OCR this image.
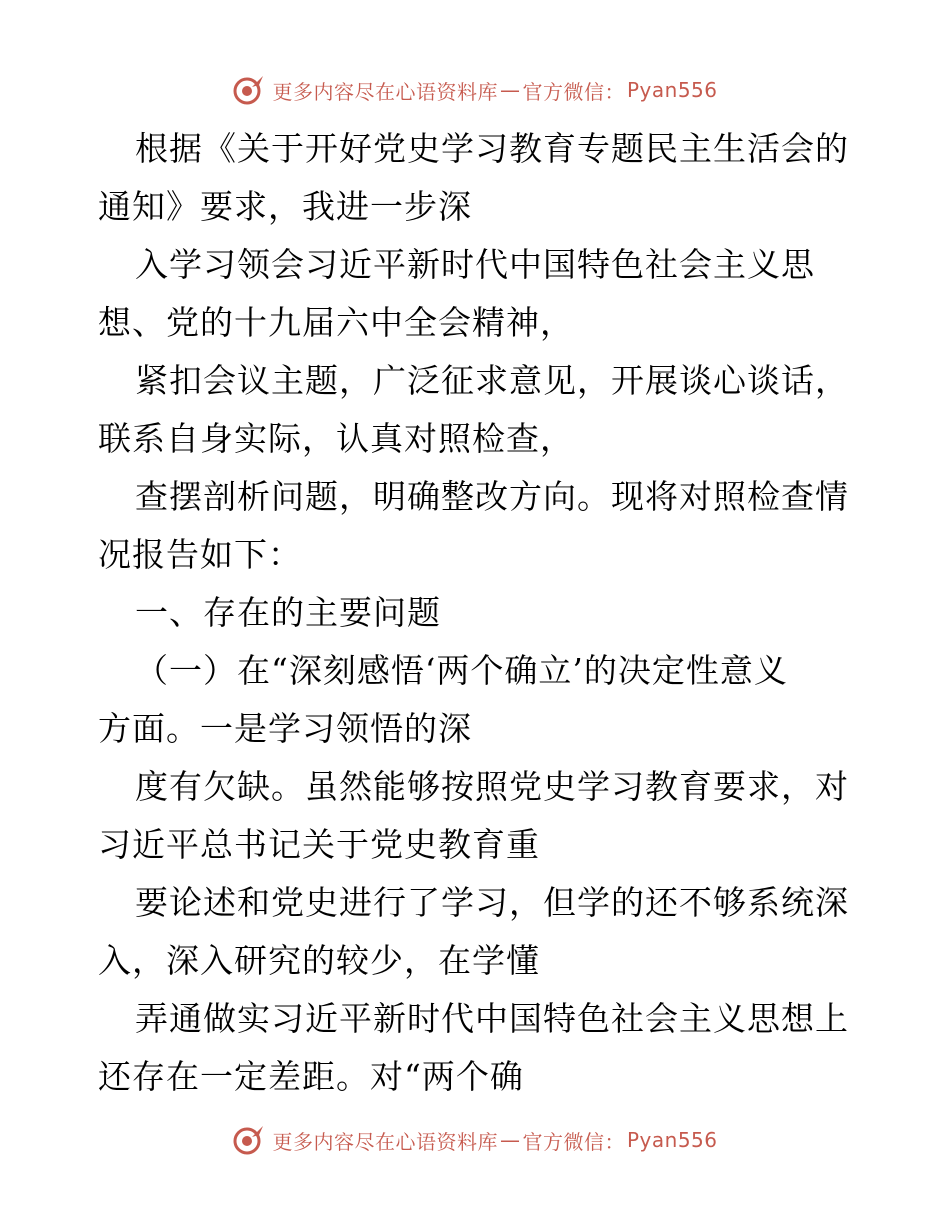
更多内容尽在心语资料库 — 官方微信： Pyan556
根据《关于开好党史学习教育专题民主生活会的
通知》要求，我进一步深
入学习领会习近平新时代中国特色社会主义思
想、党的十九届六中全会精神，
紧扣会议主题，广泛征求意见，开展谈心谈话，
联系自身实际，认真对照检查，
查摆剖析问题，明确整改方向。现将对照检查情
况报告如下：
一、存在的主要问题
（一）在“深刻感悟‘两个确立’的决定性意义
方面。一是学习领悟的深
度有欠缺。虽然能够按照党史学习教育要求，对
习近平总书记关于党史教育重
要论述和党史进行了学习，但学的还不够系统深
入，深入研究的较少，在学懂
弄通做实习近平新时代中国特色社会主义思想上
还存在一定差距。对“两个确
更多内容尽在心语资料库 — 官方微信： Pyan556
